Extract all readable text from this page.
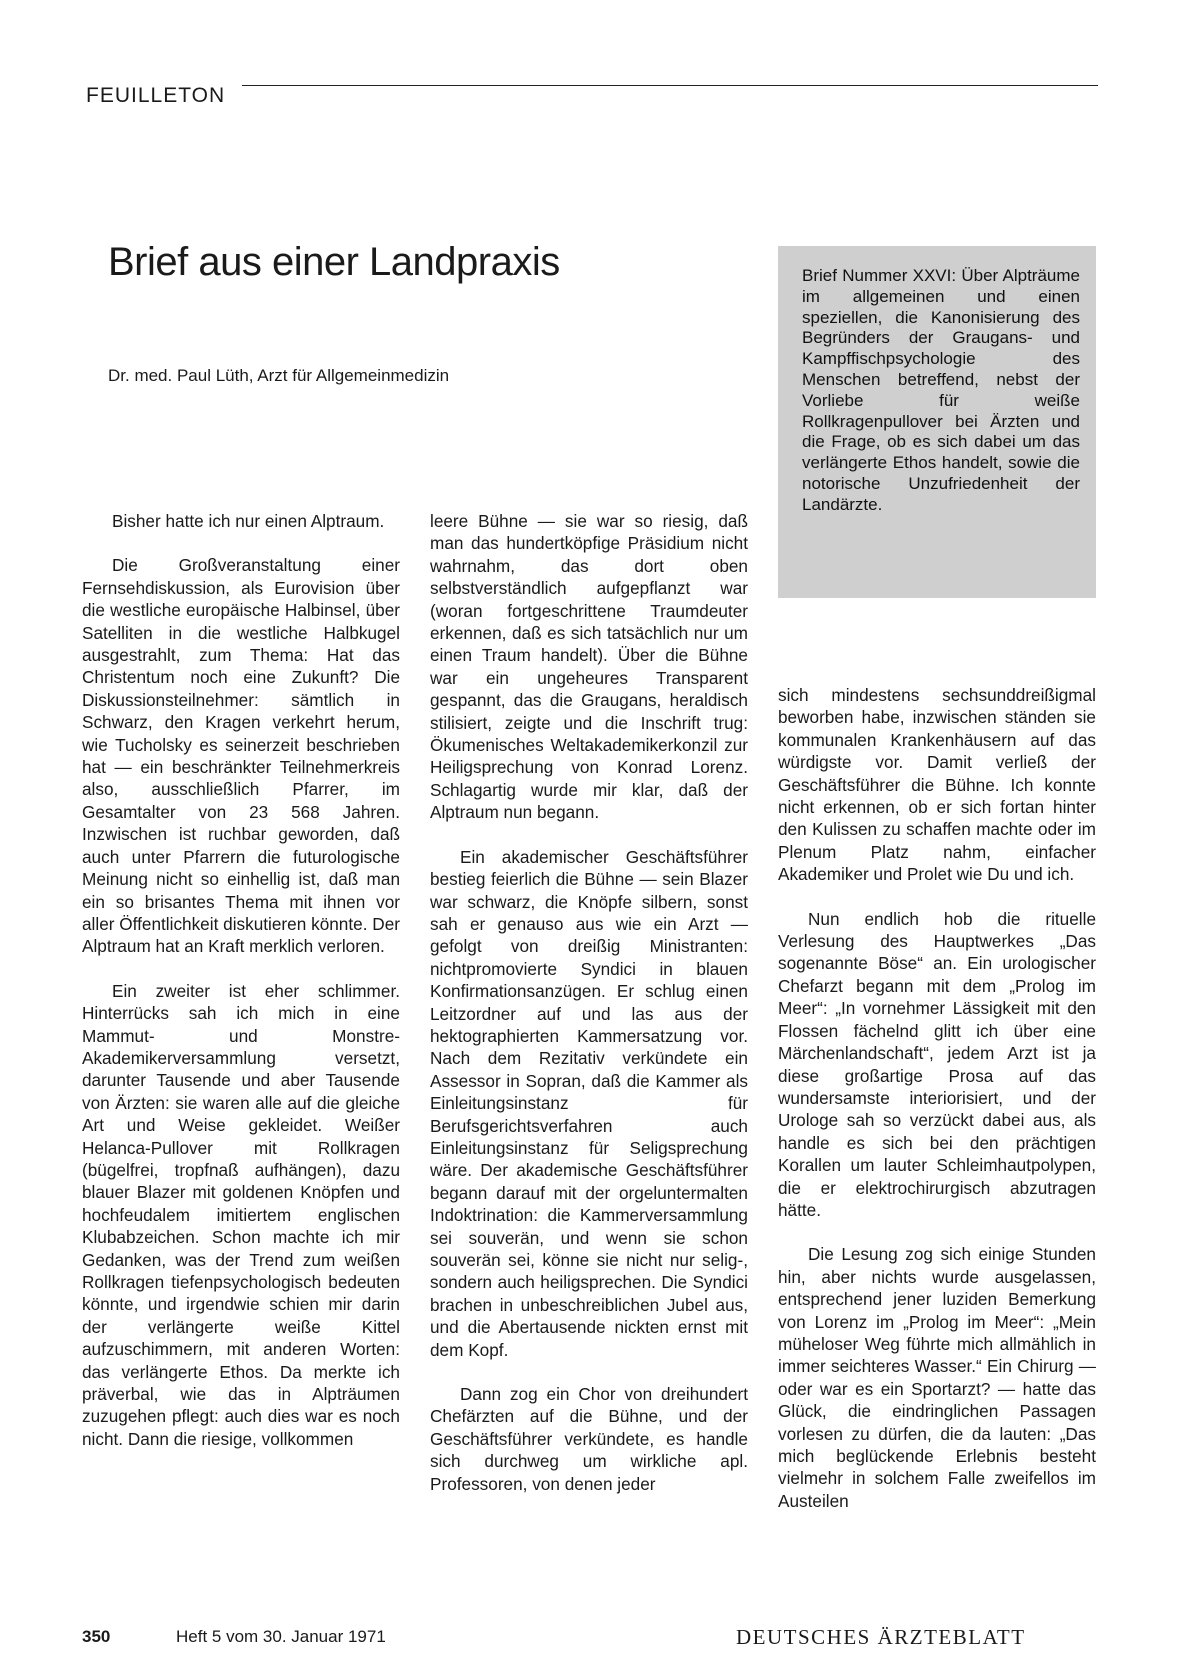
FEUILLETON
Brief aus einer Landpraxis
Dr. med. Paul Lüth, Arzt für Allgemeinmedizin
Brief Nummer XXVI: Über Alpträume im allgemeinen und einen speziellen, die Kanonisierung des Begründers der Graugans- und Kampffischpsychologie des Menschen betreffend, nebst der Vorliebe für weiße Rollkragenpullover bei Ärzten und die Frage, ob es sich dabei um das verlängerte Ethos handelt, sowie die notorische Unzufriedenheit der Landärzte.

Bisher hatte ich nur einen Alptraum.

Die Großveranstaltung einer Fernsehdiskussion, als Eurovision über die westliche europäische Halbinsel, über Satelliten in die westliche Halbkugel ausgestrahlt, zum Thema: Hat das Christentum noch eine Zukunft? Die Diskussionsteilnehmer: sämtlich in Schwarz, den Kragen verkehrt herum, wie Tucholsky es seinerzeit beschrieben hat — ein beschränkter Teilnehmerkreis also, ausschließlich Pfarrer, im Gesamtalter von 23 568 Jahren. Inzwischen ist ruchbar geworden, daß auch unter Pfarrern die futurologische Meinung nicht so einhellig ist, daß man ein so brisantes Thema mit ihnen vor aller Öffentlichkeit diskutieren könnte. Der Alptraum hat an Kraft merklich verloren.

Ein zweiter ist eher schlimmer. Hinterrücks sah ich mich in eine Mammut- und Monstre-Akademikerversammlung versetzt, darunter Tausende und aber Tausende von Ärzten: sie waren alle auf die gleiche Art und Weise gekleidet. Weißer Helanca-Pullover mit Rollkragen (bügelfrei, tropfnaß aufhängen), dazu blauer Blazer mit goldenen Knöpfen und hochfeudalem imitiertem englischen Klubabzeichen. Schon machte ich mir Gedanken, was der Trend zum weißen Rollkragen tiefenpsychologisch bedeuten könnte, und irgendwie schien mir darin der verlängerte weiße Kittel aufzuschimmern, mit anderen Worten: das verlängerte Ethos. Da merkte ich präverbal, wie das in Alpträumen zuzugehen pflegt: auch dies war es noch nicht. Dann die riesige, vollkommen

leere Bühne — sie war so riesig, daß man das hundertköpfige Präsidium nicht wahrnahm, das dort oben selbstverständlich aufgepflanzt war (woran fortgeschrittene Traumdeuter erkennen, daß es sich tatsächlich nur um einen Traum handelt). Über die Bühne war ein ungeheures Transparent gespannt, das die Graugans, heraldisch stilisiert, zeigte und die Inschrift trug: Ökumenisches Weltakademikerkonzil zur Heiligsprechung von Konrad Lorenz. Schlagartig wurde mir klar, daß der Alptraum nun begann.

Ein akademischer Geschäftsführer bestieg feierlich die Bühne — sein Blazer war schwarz, die Knöpfe silbern, sonst sah er genauso aus wie ein Arzt — gefolgt von dreißig Ministranten: nichtpromovierte Syndici in blauen Konfirmationsanzügen. Er schlug einen Leitzordner auf und las aus der hektographierten Kammersatzung vor. Nach dem Rezitativ verkündete ein Assessor in Sopran, daß die Kammer als Einleitungsinstanz für Berufsgerichtsverfahren auch Einleitungsinstanz für Seligsprechung wäre. Der akademische Geschäftsführer begann darauf mit der orgeluntermalten Indoktrination: die Kammerversammlung sei souverän, und wenn sie schon souverän sei, könne sie nicht nur selig-, sondern auch heiligsprechen. Die Syndici brachen in unbeschreiblichen Jubel aus, und die Abertausende nickten ernst mit dem Kopf.

Dann zog ein Chor von dreihundert Chefärzten auf die Bühne, und der Geschäftsführer verkündete, es handle sich durchweg um wirkliche apl. Professoren, von denen jeder

sich mindestens sechsunddreißigmal beworben habe, inzwischen ständen sie kommunalen Krankenhäusern auf das würdigste vor. Damit verließ der Geschäftsführer die Bühne. Ich konnte nicht erkennen, ob er sich fortan hinter den Kulissen zu schaffen machte oder im Plenum Platz nahm, einfacher Akademiker und Prolet wie Du und ich.

Nun endlich hob die rituelle Verlesung des Hauptwerkes „Das sogenannte Böse“ an. Ein urologischer Chefarzt begann mit dem „Prolog im Meer“: „In vornehmer Lässigkeit mit den Flossen fächelnd glitt ich über eine Märchenlandschaft“, jedem Arzt ist ja diese großartige Prosa auf das wundersamste interiorisiert, und der Urologe sah so verzückt dabei aus, als handle es sich bei den prächtigen Korallen um lauter Schleimhautpolypen, die er elektrochirurgisch abzutragen hätte.

Die Lesung zog sich einige Stunden hin, aber nichts wurde ausgelassen, entsprechend jener luziden Bemerkung von Lorenz im „Prolog im Meer“: „Mein müheloser Weg führte mich allmählich in immer seichteres Wasser.“ Ein Chirurg — oder war es ein Sportarzt? — hatte das Glück, die eindringlichen Passagen vorlesen zu dürfen, die da lauten: „Das mich beglückende Erlebnis besteht vielmehr in solchem Falle zweifellos im Austeilen

350	Heft 5 vom 30. Januar 1971	DEUTSCHES ÄRZTEBLATT
